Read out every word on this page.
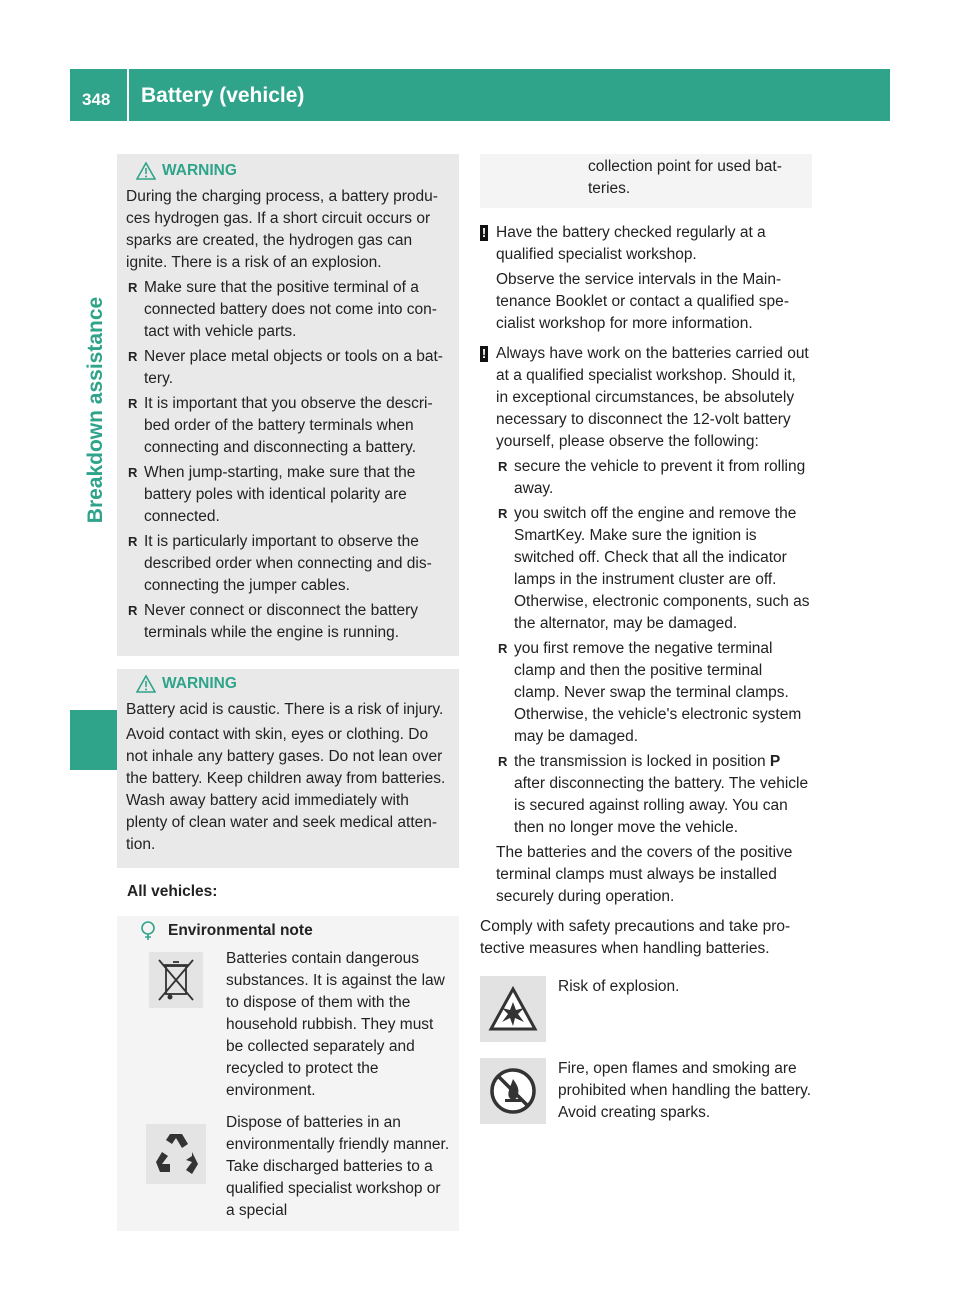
348 Battery (vehicle)
Breakdown assistance
WARNING

During the charging process, a battery produces hydrogen gas. If a short circuit occurs or sparks are created, the hydrogen gas can ignite. There is a risk of an explosion.

R Make sure that the positive terminal of a connected battery does not come into contact with vehicle parts.
R Never place metal objects or tools on a battery.
R It is important that you observe the described order of the battery terminals when connecting and disconnecting a battery.
R When jump-starting, make sure that the battery poles with identical polarity are connected.
R It is particularly important to observe the described order when connecting and disconnecting the jumper cables.
R Never connect or disconnect the battery terminals while the engine is running.
WARNING

Battery acid is caustic. There is a risk of injury.

Avoid contact with skin, eyes or clothing. Do not inhale any battery gases. Do not lean over the battery. Keep children away from batteries. Wash away battery acid immediately with plenty of clean water and seek medical attention.

All vehicles:
Environmental note
Batteries contain dangerous substances. It is against the law to dispose of them with the household rubbish. They must be collected separately and recycled to protect the environment.
Dispose of batteries in an environmentally friendly manner. Take discharged batteries to a qualified specialist workshop or a special
collection point for used batteries.
! Have the battery checked regularly at a qualified specialist workshop.

Observe the service intervals in the Maintenance Booklet or contact a qualified specialist workshop for more information.

! Always have work on the batteries carried out at a qualified specialist workshop. Should it, in exceptional circumstances, be absolutely necessary to disconnect the 12-volt battery yourself, please observe the following:

R secure the vehicle to prevent it from rolling away.
R you switch off the engine and remove the SmartKey. Make sure the ignition is switched off. Check that all the indicator lamps in the instrument cluster are off. Otherwise, electronic components, such as the alternator, may be damaged.
R you first remove the negative terminal clamp and then the positive terminal clamp. Never swap the terminal clamps. Otherwise, the vehicle's electronic system may be damaged.
R the transmission is locked in position P after disconnecting the battery. The vehicle is secured against rolling away. You can then no longer move the vehicle.

The batteries and the covers of the positive terminal clamps must always be installed securely during operation.

Comply with safety precautions and take protective measures when handling batteries.

Risk of explosion.
Fire, open flames and smoking are prohibited when handling the battery. Avoid creating sparks.
